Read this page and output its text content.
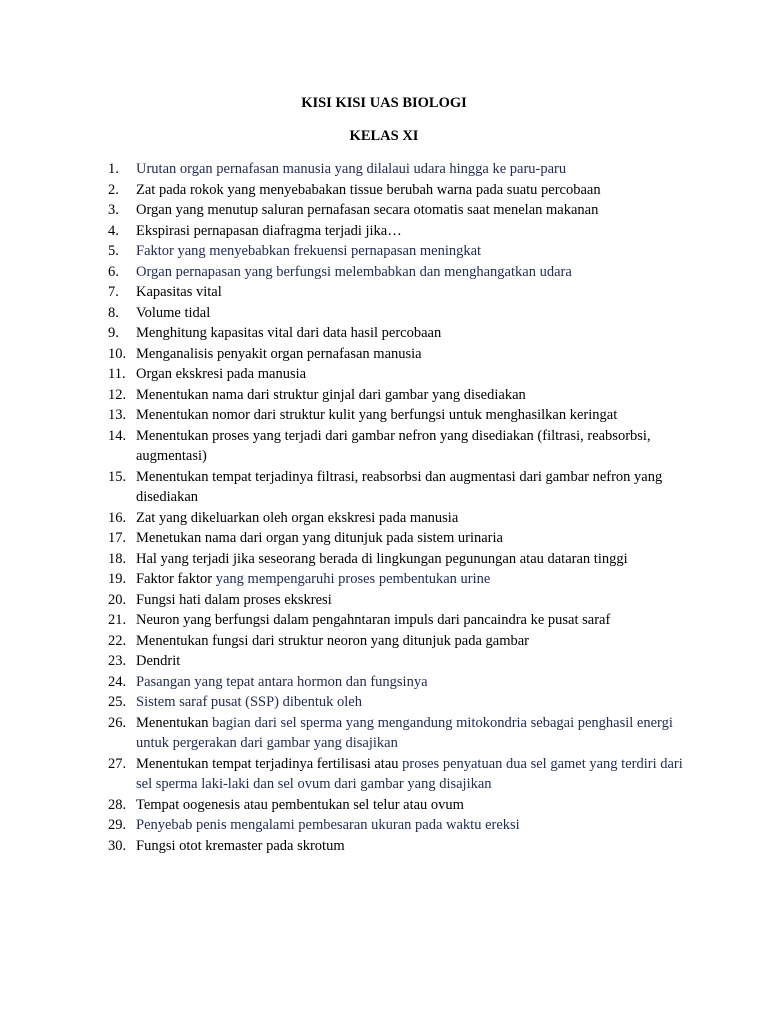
KISI KISI UAS BIOLOGI
KELAS XI
1.	Urutan organ pernafasan manusia yang dilalaui udara hingga ke paru-paru
2.	Zat pada rokok yang menyebabakan tissue berubah warna pada suatu percobaan
3.	Organ yang menutup saluran pernafasan secara otomatis saat menelan makanan
4.	Ekspirasi pernapasan diafragma terjadi jika…
5.	Faktor yang menyebabkan frekuensi pernapasan meningkat
6.	Organ pernapasan yang berfungsi melembabkan dan menghangatkan udara
7.	Kapasitas vital
8.	Volume tidal
9.	Menghitung kapasitas vital dari data hasil percobaan
10. Menganalisis penyakit organ pernafasan manusia
11. Organ ekskresi pada manusia
12. Menentukan nama dari struktur ginjal dari gambar yang disediakan
13. Menentukan nomor dari struktur kulit yang berfungsi untuk menghasilkan keringat
14. Menentukan proses yang terjadi dari gambar nefron yang disediakan (filtrasi, reabsorbsi, augmentasi)
15. Menentukan tempat terjadinya filtrasi, reabsorbsi dan augmentasi dari gambar nefron yang disediakan
16. Zat yang dikeluarkan oleh organ ekskresi pada manusia
17. Menetukan nama dari organ yang ditunjuk pada sistem urinaria
18. Hal yang terjadi jika seseorang berada di lingkungan pegunungan atau dataran tinggi
19. Faktor faktor yang mempengaruhi proses pembentukan urine
20. Fungsi hati dalam proses ekskresi
21. Neuron yang berfungsi dalam pengahntaran impuls dari pancaindra ke pusat saraf
22. Menentukan fungsi dari struktur neoron yang ditunjuk pada gambar
23. Dendrit
24. Pasangan yang tepat antara hormon dan fungsinya
25. Sistem saraf pusat (SSP) dibentuk oleh
26. Menentukan bagian dari sel sperma yang mengandung mitokondria sebagai penghasil energi untuk pergerakan dari gambar yang disajikan
27. Menentukan tempat terjadinya fertilisasi atau proses penyatuan dua sel gamet yang terdiri dari sel sperma laki-laki dan sel ovum dari gambar yang disajikan
28. Tempat oogenesis atau pembentukan sel telur atau ovum
29. Penyebab penis mengalami pembesaran ukuran pada waktu ereksi
30. Fungsi otot kremaster pada skrotum
